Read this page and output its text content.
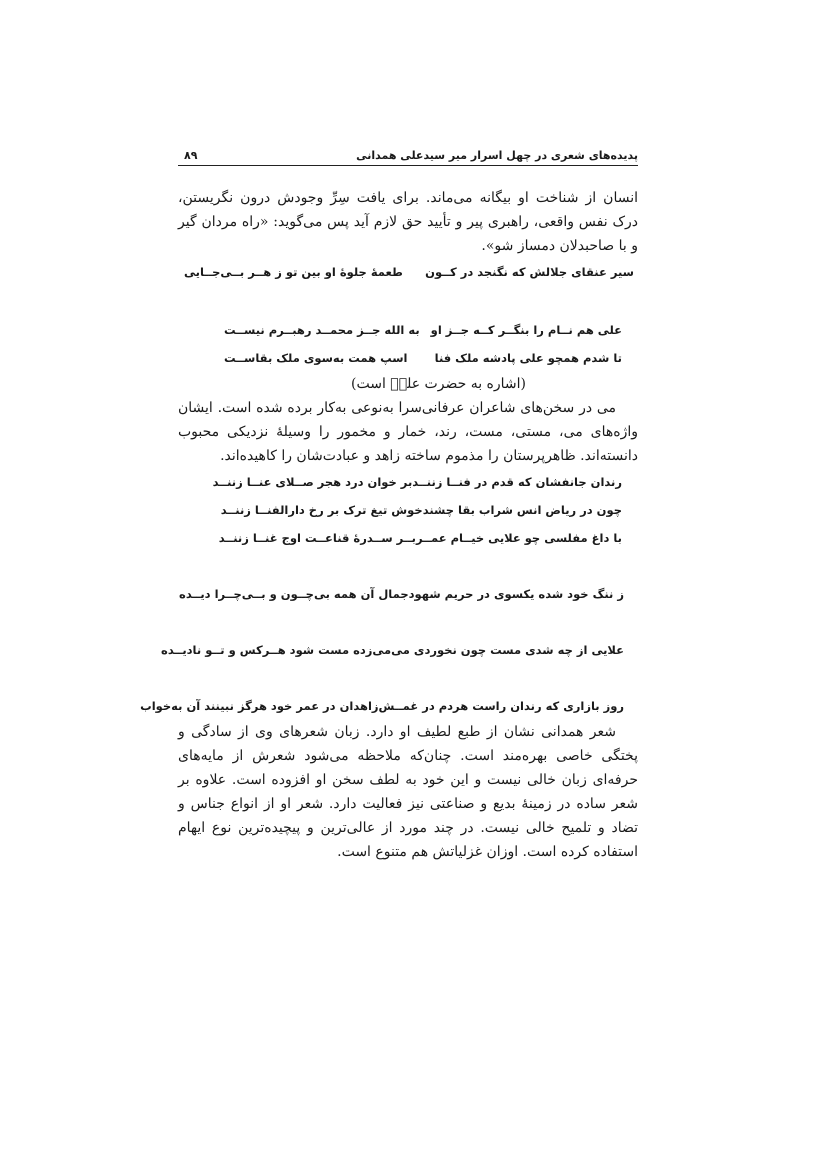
پدیده‌های شعری در چهل اسرار میر سیدعلی همدانی
۸۹

انسان از شناخت او بیگانه می‌ماند. برای یافت سِرِّ وجودش درون نگریستن، درک نفس واقعی، راهبری پیر و تأیید حق لازم آید پس می‌گوید: «راه مردان گیر و با صاحبدلان دمساز شو».

سیر عنقای جلالش که نگنجد در کــون
طعمهٔ جلوهٔ او بین تو ز هــر بــی‌جــایی
علی هم نــام را بنگــر کــه جــز او
به الله جــز محمــد رهبــرم نیســت
تا شدم همچو علی پادشه ملک فنا
اسپ همت به‌سوی ملک بقاســت

(اشاره به حضرت علیؑ است)

می در سخن‌های شاعران عرفانی‌سرا به‌نوعی به‌کار برده شده است. ایشان واژه‌های می، مستی، مست، رند، خمار و مخمور را وسیلهٔ نزدیکی محبوب دانسته‌اند. ظاهرپرستان را مذموم ساخته زاهد و عبادت‌شان را کاهیده‌اند.

رندان جانفشان که قدم در فنــا زننــد
بر خوان درد هجر صــلای عنــا زننــد
چون در ریاض انس شراب بقا چشند
خوش تیغ ترک بر رخ دارالفنــا زننــد
با داغ مفلسی چو علایی خیــام عمــر
بــر ســدرهٔ قناعــت اوج غنــا زننــد
ز ننگ خود شده یکسوی در حریم شهود
جمال آن همه بی‌چــون و بــی‌چــرا دیــده
علایی از چه شدی مست چون نخوردی می
می‌زده مست شود هــرکس و تــو نادیــده
روز بازاری که رندان راست هردم در غمــش
زاهدان در عمر خود هرگز نبینند آن به‌خواب

شعر همدانی نشان از طبع لطیف او دارد. زبان شعرهای وی از سادگی و پختگی خاصی بهره‌مند است. چنان‌که ملاحظه می‌شود شعرش از مایه‌های حرفه‌ای زبان خالی نیست و این خود به لطف سخن او افزوده است. علاوه بر شعر ساده در زمینهٔ بدیع و صناعتی نیز فعالیت دارد. شعر او از انواع جناس و تضاد و تلمیح خالی نیست. در چند مورد از عالی‌ترین و پیچیده‌ترین نوع ایهام استفاده کرده است. اوزان غزلیاتش هم متنوع است.
